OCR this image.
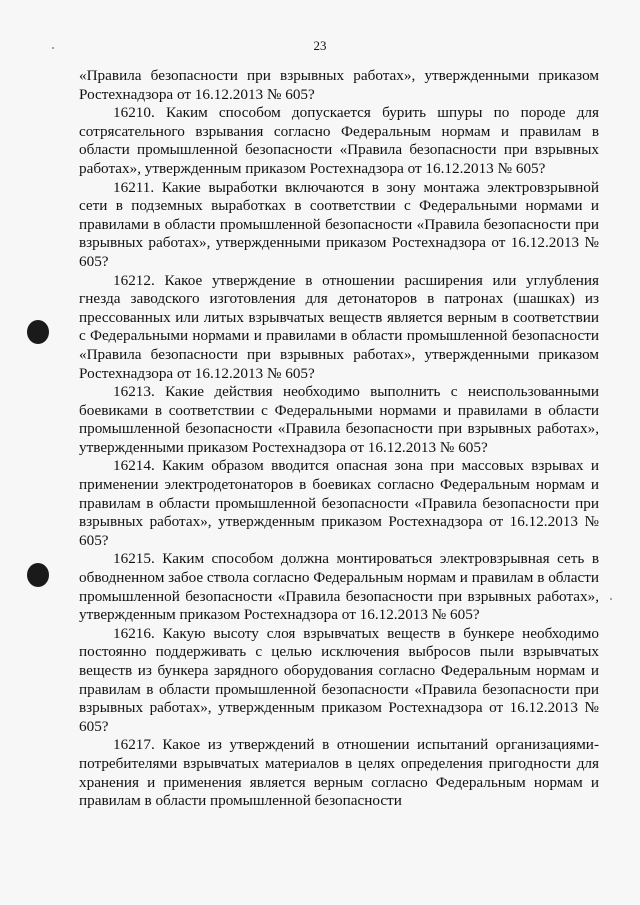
23

«Правила безопасности при взрывных работах», утвержденными приказом Ростехнадзора от 16.12.2013 № 605?

16210. Каким способом допускается бурить шпуры по породе для сотрясательного взрывания согласно Федеральным нормам и правилам в области промышленной безопасности «Правила безопасности при взрывных работах», утвержденным приказом Ростехнадзора от 16.12.2013 № 605?

16211. Какие выработки включаются в зону монтажа электровзрывной сети в подземных выработках в соответствии с Федеральными нормами и правилами в области промышленной безопасности «Правила безопасности при взрывных работах», утвержденными приказом Ростехнадзора от 16.12.2013 № 605?

16212. Какое утверждение в отношении расширения или углубления гнезда заводского изготовления для детонаторов в патронах (шашках) из прессованных или литых взрывчатых веществ является верным в соответствии с Федеральными нормами и правилами в области промышленной безопасности «Правила безопасности при взрывных работах», утвержденными приказом Ростехнадзора от 16.12.2013 № 605?

16213. Какие действия необходимо выполнить с неиспользованными боевиками в соответствии с Федеральными нормами и правилами в области промышленной безопасности «Правила безопасности при взрывных работах», утвержденными приказом Ростехнадзора от 16.12.2013 № 605?

16214. Каким образом вводится опасная зона при массовых взрывах и применении электродетонаторов в боевиках согласно Федеральным нормам и правилам в области промышленной безопасности «Правила безопасности при взрывных работах», утвержденным приказом Ростехнадзора от 16.12.2013 № 605?

16215. Каким способом должна монтироваться электровзрывная сеть в обводненном забое ствола согласно Федеральным нормам и правилам в области промышленной безопасности «Правила безопасности при взрывных работах», утвержденным приказом Ростехнадзора от 16.12.2013 № 605?

16216. Какую высоту слоя взрывчатых веществ в бункере необходимо постоянно поддерживать с целью исключения выбросов пыли взрывчатых веществ из бункера зарядного оборудования согласно Федеральным нормам и правилам в области промышленной безопасности «Правила безопасности при взрывных работах», утвержденным приказом Ростехнадзора от 16.12.2013 № 605?

16217. Какое из утверждений в отношении испытаний организациями-потребителями взрывчатых материалов в целях определения пригодности для хранения и применения является верным согласно Федеральным нормам и правилам в области промышленной безопасности
